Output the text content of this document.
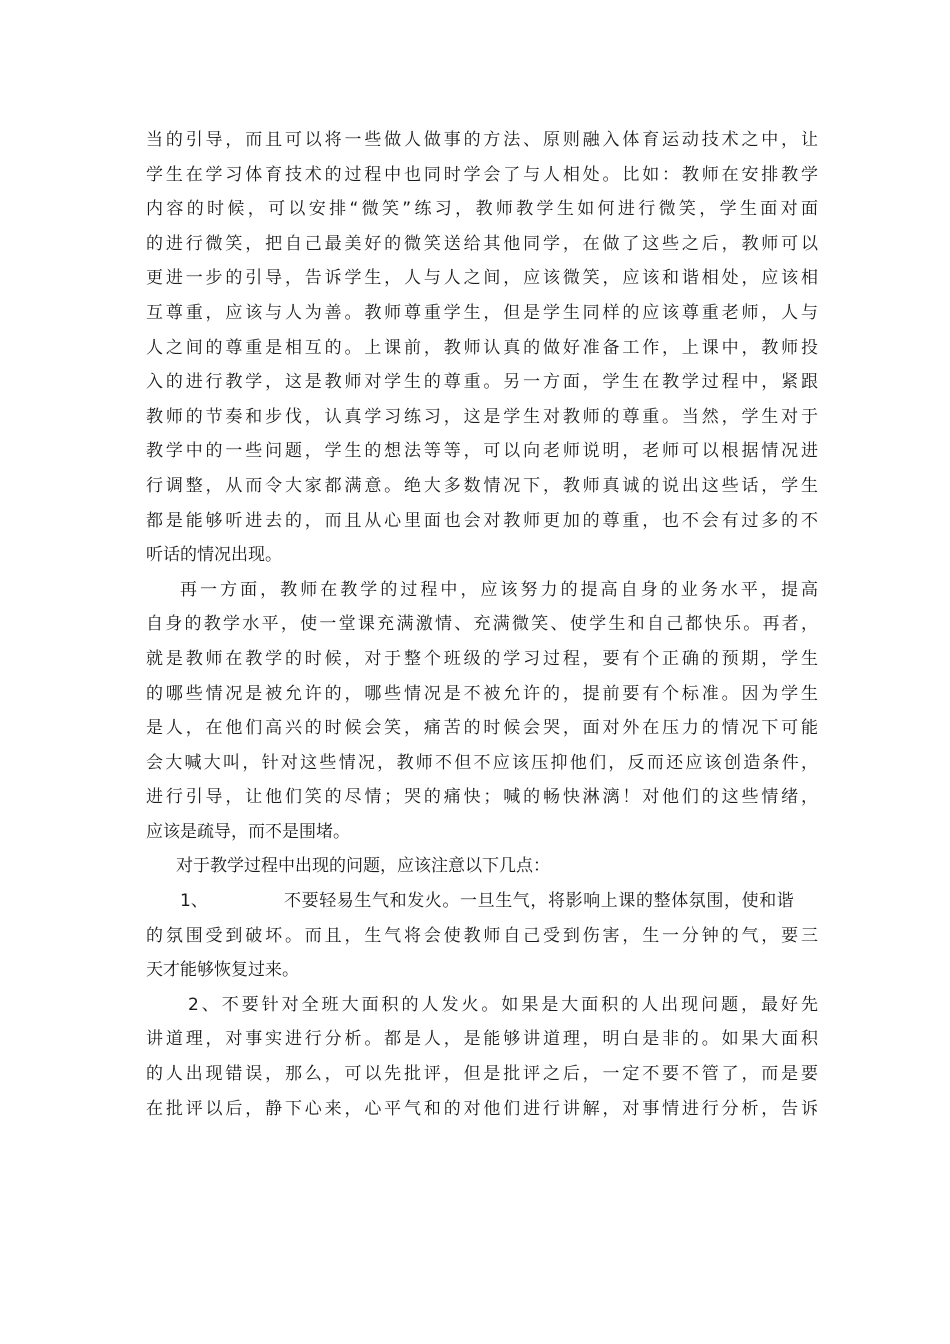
当的引导，而且可以将一些做人做事的方法、原则融入体育运动技术之中，让
学生在学习体育技术的过程中也同时学会了与人相处。比如：教师在安排教学
内容的时候，可以安排“微笑”练习，教师教学生如何进行微笑，学生面对面
的进行微笑，把自己最美好的微笑送给其他同学，在做了这些之后，教师可以
更进一步的引导，告诉学生，人与人之间，应该微笑，应该和谐相处，应该相
互尊重，应该与人为善。教师尊重学生，但是学生同样的应该尊重老师，人与
人之间的尊重是相互的。上课前，教师认真的做好准备工作，上课中，教师投
入的进行教学，这是教师对学生的尊重。另一方面，学生在教学过程中，紧跟
教师的节奏和步伐，认真学习练习，这是学生对教师的尊重。当然，学生对于
教学中的一些问题，学生的想法等等，可以向老师说明，老师可以根据情况进
行调整，从而令大家都满意。绝大多数情况下，教师真诚的说出这些话，学生
都是能够听进去的，而且从心里面也会对教师更加的尊重，也不会有过多的不
听话的情况出现。
再一方面，教师在教学的过程中，应该努力的提高自身的业务水平，提高
自身的教学水平，使一堂课充满激情、充满微笑、使学生和自己都快乐。再者，
就是教师在教学的时候，对于整个班级的学习过程，要有个正确的预期，学生
的哪些情况是被允许的，哪些情况是不被允许的，提前要有个标准。因为学生
是人，在他们高兴的时候会笑，痛苦的时候会哭，面对外在压力的情况下可能
会大喊大叫，针对这些情况，教师不但不应该压抑他们，反而还应该创造条件，
进行引导，让他们笑的尽情；哭的痛快；喊的畅快淋漓！对他们的这些情绪，
应该是疏导，而不是围堵。
对于教学过程中出现的问题，应该注意以下几点：
1、	不要轻易生气和发火。一旦生气，将影响上课的整体氛围，使和谐
的氛围受到破坏。而且，生气将会使教师自己受到伤害，生一分钟的气，要三
天才能够恢复过来。
2、不要针对全班大面积的人发火。如果是大面积的人出现问题，最好先
讲道理，对事实进行分析。都是人，是能够讲道理，明白是非的。如果大面积
的人出现错误，那么，可以先批评，但是批评之后，一定不要不管了，而是要
在批评以后，静下心来，心平气和的对他们进行讲解，对事情进行分析，告诉
